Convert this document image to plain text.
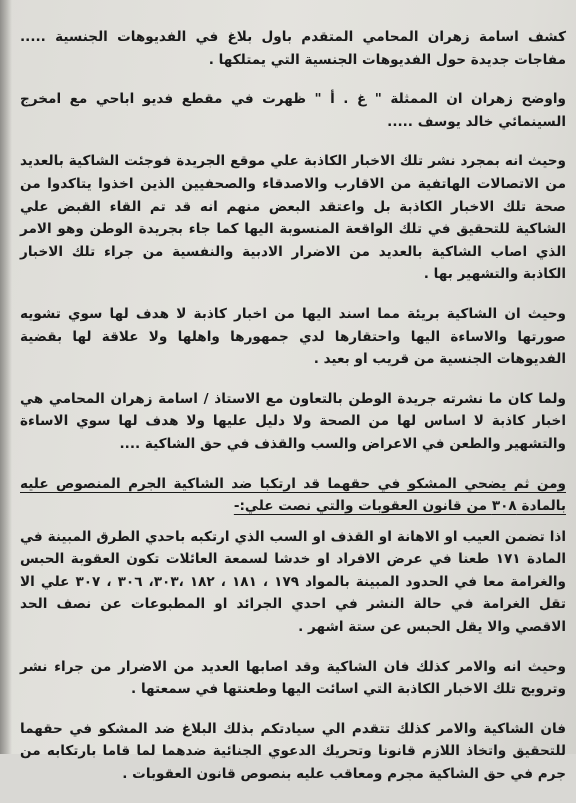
كشف اسامة زهران المحامي المتقدم باول بلاغ في الفديوهات الجنسية ..... مفاجات جديدة حول الفديوهات الجنسية التي يمتلكها .

واوضح زهران ان الممثلة " غ . أ " ظهرت في مقطع فديو اباحي مع امخرج السينمائي خالد يوسف .....

وحيث انه بمجرد نشر تلك الاخبار الكاذبة علي موقع الجريدة فوجئت الشاكية بالعديد من الاتصالات الهاتفية من الاقارب والاصدقاء والصحفيين الذين اخذوا يتاكدوا من صحة تلك الاخبار الكاذبة بل واعتقد البعض منهم انه قد تم القاء القبض علي الشاكية للتحقيق في تلك الواقعة المنسوبة اليها كما جاء بجريدة الوطن وهو الامر الذي اصاب الشاكية بالعديد من الاضرار الادبية والنفسية من جراء تلك الاخبار الكاذبة والتشهير بها .

وحيث ان الشاكية بريئة مما اسند اليها من اخبار كاذبة لا هدف لها سوي تشويه صورتها والاساءة اليها واحتقارها لدي جمهورها واهلها ولا علاقة لها بقضية الفديوهات الجنسية من قريب او بعيد .

ولما كان ما نشرته جريدة الوطن بالتعاون مع الاستاذ / اسامة زهران المحامي هي اخبار كاذبة لا اساس لها من الصحة ولا دليل عليها ولا هدف لها سوي الاساءة والتشهير والطعن في الاعراض والسب والقذف في حق الشاكية ....

ومن ثم يضحي المشكو في حقهما قد ارتكبا ضد الشاكية الجرم المنصوص عليه بالمادة ٣٠٨ من قانون العقوبات والتي نصت علي:-

اذا تضمن العيب او الاهانة او القذف او السب الذي ارتكبه باحدي الطرق المبينة في المادة ١٧١ طعنا في عرض الافراد او خدشا لسمعة العائلات تكون العقوبة الحبس والغرامة معا في الحدود المبينة بالمواد ١٧٩ ، ١٨١ ، ١٨٢ ،٣٠٣، ٣٠٦ ، ٣٠٧ علي الا تقل الغرامة في حالة النشر في احدي الجرائد او المطبوعات عن نصف الحد الاقصي والا يقل الحبس عن ستة اشهر .

وحيث انه والامر كذلك فان الشاكية وقد اصابها العديد من الاضرار من جراء نشر وترويج تلك الاخبار الكاذبة التي اسائت اليها وطعنتها في سمعتها .

فان الشاكية والامر كذلك تتقدم الي سيادتكم بذلك البلاغ ضد المشكو في حقهما للتحقيق واتخاذ اللازم قانونا وتحريك الدعوي الجنائية ضدهما لما قاما بارتكابه من جرم في حق الشاكية مجرم ومعاقب عليه بنصوص قانون العقوبات .
